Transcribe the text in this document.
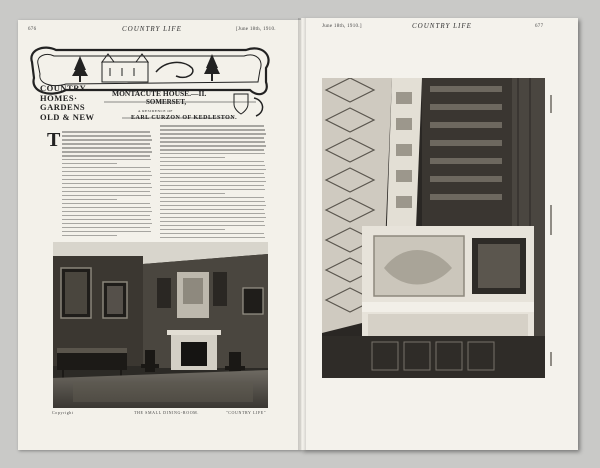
676	COUNTRY LIFE	[June 18th, 1910.
COUNTRY
HOMES·
GARDENS
OLD & NEW
MONTACUTE HOUSE.—II.
SOMERSET,
A RESIDENCE OF
EARL CURZON OF KEDLESTON.
T
Copyright	THE SMALL DINING-ROOM.	"COUNTRY LIFE"
June 18th, 1910.]	COUNTRY LIFE	677
